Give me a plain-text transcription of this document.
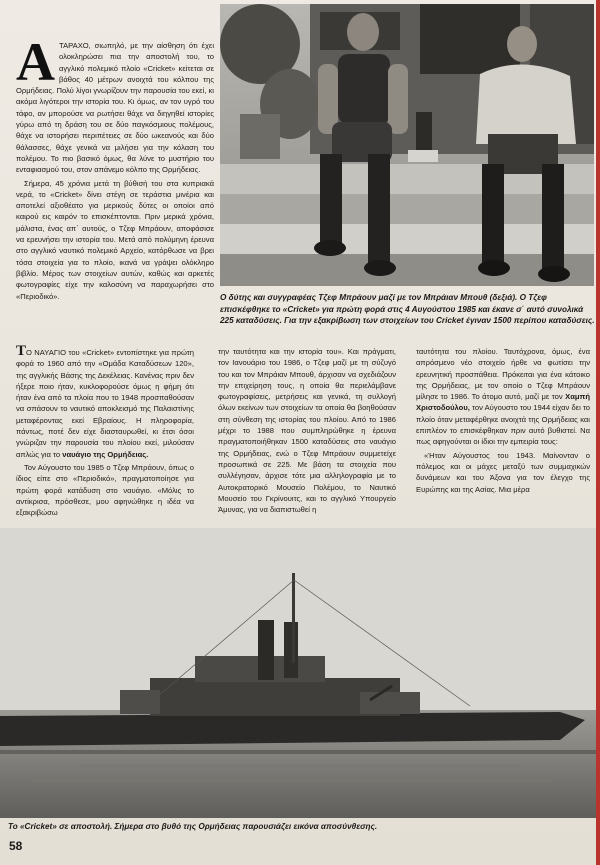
Α ΤΑΡΑΧΟ, σιωπηλό, με την αίσθηση ότι έχει ολοκληρώσει πια την αποστολή του, το αγγλικό πολεμικό πλοίο «Cricket» κείτεται σε βάθος 40 μέτρων ανοιχτά του κόλπου της Ορμήδειας. Πολύ λίγοι γνωρίζουν την παρουσία του εκεί, κι ακόμα λιγότεροι την ιστορία του. Κι όμως, αν τον υγρό του τάφο, αν μπορούσε να ρωτήσει θάχε να διηγηθεί ιστορίες γύρω από τη δράση του σε δύο παγκόσμιους πολέμους, θάχε να ιστορήσει περιπέτειες σε δύο ωκεανούς και δύο θάλασσες, θάχε γενικά να μιλήσει για την κόλαση του πολέμου. Το πιο βασικό όμως, θα λύνε το μυστήριο του ενταφιασμού του, στον απάνεμο κόλπο της Ορμήδειας.

Σήμερα, 45 χρόνια μετά τη βύθισή του στα κυπριακά νερά, το «Cricket» δίνει στέγη σε τεράστια μινέρια και αποτελεί αξιοθέατο για μερικούς δύτες οι οποίοι από καιρού εις καιρόν το επισκέπτονται. Πριν μερικά χρόνια, μάλιστα, ένας απ΄ αυτούς, ο Τζεφ Μπράουν, αποφάσισε να ερευνήσει την ιστορία του. Μετά από πολύμηνη έρευνα στο αγγλικό ναυτικό πολεμικό Αρχείο, κατόρθωσε να βρει τόσα στοιχεία για το πλοίο, ικανά να γράψει ολόκληρο βιβλίο. Μέρος των στοιχείων αυτών, καθώς και αρκετές φωτογραφίες είχε την καλοσύνη να παραχωρήσει στο «Περιοδικό».	Ο δύτης και συγγραφέας Τζεφ Μπράουν μαζί με τον Μπράιαν Μπουθ (δεξιά). Ο Τζεφ επισκέφθηκε το «Cricket» για πρώτη φορά στις 4 Αυγούστου 1985 και έκανε σ΄ αυτό συνολικά 225 καταδύσεις. Για την εξακρίβωση των στοιχείων του Cricket έγιναν 1500 περίπου καταδύσεις.

ΤΟ ΝΑΥΑΓΙΟ του «Cricket» εντοπίστηκε για πρώτη φορά το 1960 από την «Ομάδα Καταδύσεων 120», της αγγλικής Βάσης της Δεκέλειας. Κανένας πριν δεν ήξερε ποιο ήταν, κυκλοφορούσε όμως η φήμη ότι ήταν ένα από τα πλοία που το 1948 προσπαθούσαν να σπάσουν το ναυτικό αποκλεισμό της Παλαιστίνης μεταφέροντας εκεί Εβραίους. Η πληροφορία, πάντως, ποτέ δεν είχε διασταυρωθεί, κι έτσι όσοι γνώριζαν την παρουσία του πλοίου εκεί, μιλούσαν απλώς για το ναυάγιο της Ορμήδειας.

Τον Αύγουστο του 1985 ο Τζεφ Μπράουν, όπως ο ίδιος είπε στο «Περιοδικό», πραγματοποίησε για πρώτη φορά κατάδυση στο ναυάγιο. «Μόλις το αντίκρισα, πρόσθεσε, μου αφηνώθηκε η ιδέα να εξακριβώσω

την ταυτότητα και την ιστορία του». Και πράγματι, τον Ιανουάριο του 1986, ο Τζεφ μαζί με τη σύζυγό του και τον Μπράιαν Μπουθ, άρχισαν να σχεδιάζουν την επιχείρηση τους, η οποία θα περιελάμβανε φωτογραφίσεις, μετρήσεις και γενικά, τη συλλογή όλων εκείνων των στοιχείων τα οποία θα βοηθούσαν στη σύνθεση της ιστορίας του πλοίου. Από το 1986 μέχρι το 1988 που συμπληρώθηκε η έρευνα πραγματοποιήθηκαν 1500 καταδύσεις στο ναυάγιο της Ορμήδειας, ενώ ο Τζεφ Μπράουν συμμετείχε προσωπικά σε 225. Με βάση τα στοιχεία που συλλέγησαν, άρχισε τότε μια αλληλογραφία με το Αυτοκρατορικό Μουσείο Πολέμου, το Ναυτικό Μουσείο του Γκρίνουιτς, και το αγγλικό Υπουργείο Άμυνας, για να διαπιστωθεί η

ταυτότητα του πλοίου. Ταυτόχρονα, όμως, ένα απρόσμενο νέο στοιχείο ήρθε να φωτίσει την ερευνητική προσπάθεια. Πρόκειται για ένα κάτοικο της Ορμήδειας, με τον οποίο ο Τζεφ Μπράουν μίλησε το 1986. Το άτομο αυτό, μαζί με τον Χαμπή Χριστοδούλου, τον Αύγουστο του 1944 είχαν δει το πλοίο όταν μεταφέρθηκε ανοιχτά της Ορμήδειας και επιπλέον το επισκέφθηκαν πριν αυτό βυθιστεί. Να πως αφηγούνται οι ίδιοι την εμπειρία τους:

«Ήταν Αύγουστος του 1943. Μαίνονταν ο πόλεμος και οι μάχες μεταξύ των συμμαχικών δυνάμεων και του Άξονα για τον έλεγχο της Ευρώπης και της Ασίας. Μια μέρα

Το «Cricket» σε αποστολή. Σήμερα στο βυθό της Ορμήδειας παρουσιάζει εικόνα αποσύνθεσης.
58
